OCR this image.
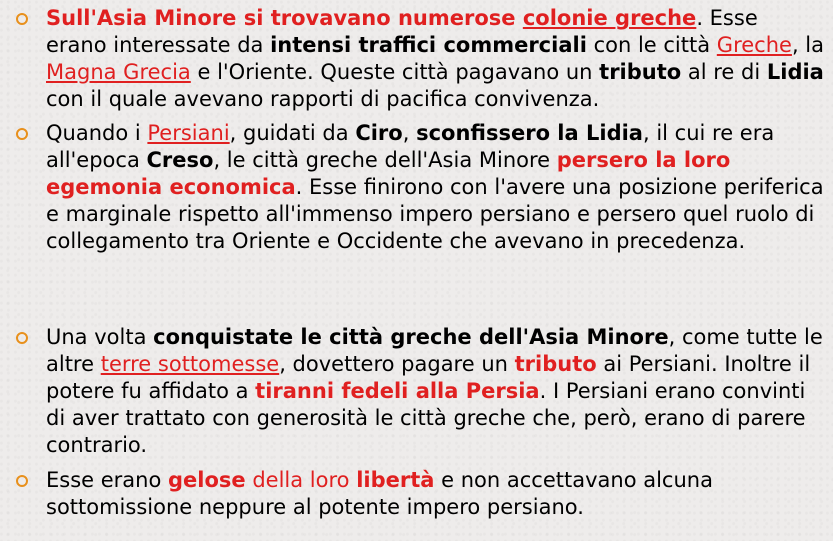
Sull'Asia Minore si trovavano numerose colonie greche. Esse erano interessate da intensi traffici commerciali con le città Greche, la Magna Grecia e l'Oriente. Queste città pagavano un tributo al re di Lidia con il quale avevano rapporti di pacifica convivenza.
Quando i Persiani, guidati da Ciro, sconfissero la Lidia, il cui re era all'epoca Creso, le città greche dell'Asia Minore persero la loro egemonia economica. Esse finirono con l'avere una posizione periferica e marginale rispetto all'immenso impero persiano e persero quel ruolo di collegamento tra Oriente e Occidente che avevano in precedenza.
Una volta conquistate le città greche dell'Asia Minore, come tutte le altre terre sottomesse, dovettero pagare un tributo ai Persiani. Inoltre il potere fu affidato a tiranni fedeli alla Persia. I Persiani erano convinti di aver trattato con generosità le città greche che, però, erano di parere contrario.
Esse erano gelose della loro libertà e non accettavano alcuna sottomissione neppure al potente impero persiano.
